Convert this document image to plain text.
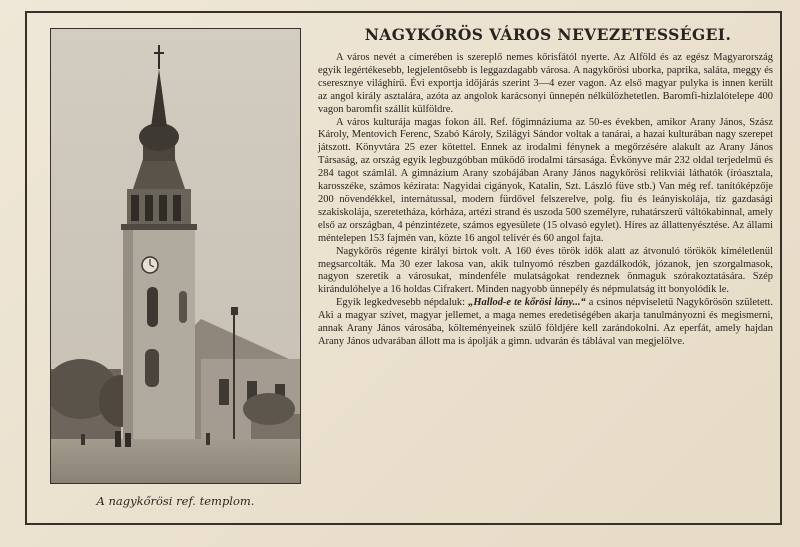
A nagykőrösi ref. templom.
NAGYKŐRÖS VÁROS NEVEZETESSÉGEI.

A város nevét a címerében is szereplő nemes kőrisfától nyerte. Az Alföld és az egész Magyarország egyik legértékesebb, legjelentősebb is leggazdagabb városa. A nagykőrösi uborka, paprika, saláta, meggy és cseresznye világhírű. Évi exportja időjárás szerint 3—4 ezer vagon. Az első magyar pulyka is innen került az angol király asztalára, azóta az angolok karácsonyi ünnepén nélkülözhetetlen. Baromfi-hizlalótelepe 400 vagon baromfit szállít külföldre.

A város kulturája magas fokon áll. Ref. főgimnáziuma az 50-es években, amikor Arany János, Szász Károly, Mentovich Ferenc, Szabó Károly, Szilágyi Sándor voltak a tanárai, a hazai kulturában nagy szerepet játszott. Könyvtára 25 ezer kötettel. Ennek az irodalmi fénynek a megőrzésére alakult az Arany János Társaság, az ország egyik legbuzgóbban működő irodalmi társasága. Évkönyve már 232 oldal terjedelmű és 284 tagot számlál. A gimnázium Arany szobájában Arany János nagykőrösi relikviái láthatók (íróasztala, karosszéke, számos kézirata: Nagyidai cigányok, Katalin, Szt. László füve stb.) Van még ref. tanítóképzője 200 növendékkel, internátussal, modern fürdővel felszerelve, polg. fiu és leányiskolája, tíz gazdasági szakiskolája, szeretetháza, kórháza, artézi strand és uszoda 500 személyre, ruhatárszerű váltókabinnal, amely első az országban, 4 pénzintézete, számos egyesülete (15 olvasó egylet). Híres az állattenyésztése. Az állami méntelepen 153 fajmén van, közte 16 angol telivér és 60 angol fajta.

Nagykőrös régente királyi birtok volt. A 160 éves török idők alatt az átvonuló törökök kíméletlenül megsarcolták. Ma 30 ezer lakosa van, akik tulnyomó részben gazdálkodók, józanok, jen szorgalmasok, nagyon szeretik a városukat, mindenféle mulatságokat rendeznek önmaguk szórakoztatására. Szép kirándulóhelye a 16 holdas Cifrakert. Minden nagyobb ünnepély és népmulatság itt bonyolódik le.

Egyik legkedvesebb népdaluk: „Hallod-e te kőrösi lány...“ a csinos népviseletű Nagykőrösön született. Aki a magyar szívet, magyar jellemet, a maga nemes eredetiségében akarja tanulmányozni és megismerni, annak Arany János városába, költeményeinek szülő földjére kell zarándokolni. Az eperfát, amely hajdan Arany János udvarában állott ma is ápolják a gimn. udvarán és táblával van megjelölve.
